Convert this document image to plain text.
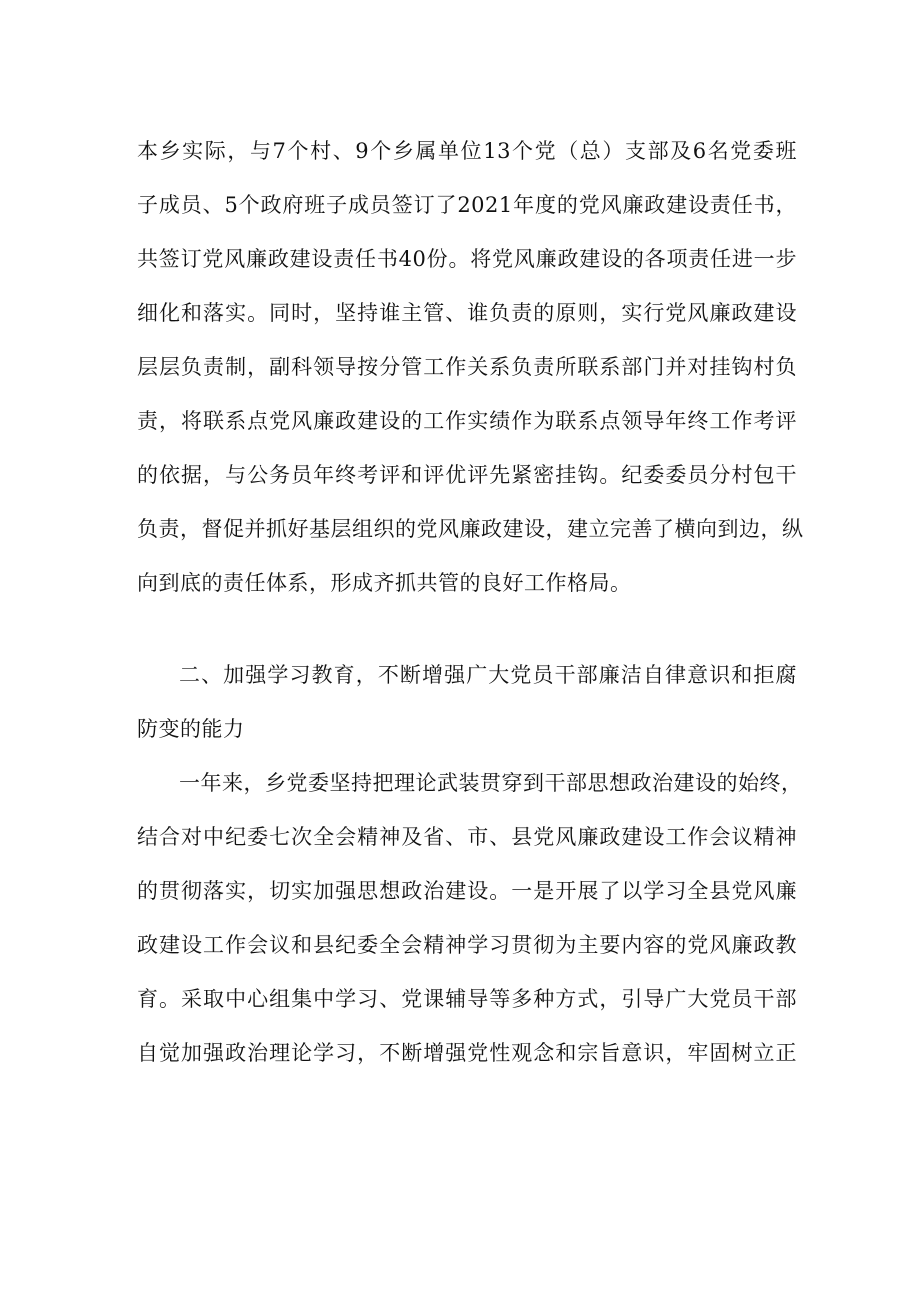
本乡实际，与7个村、9个乡属单位13个党（总）支部及6名党委班
子成员、5个政府班子成员签订了2021年度的党风廉政建设责任书，
共签订党风廉政建设责任书40份。将党风廉政建设的各项责任进一步
细化和落实。同时，坚持谁主管、谁负责的原则，实行党风廉政建设
层层负责制，副科领导按分管工作关系负责所联系部门并对挂钩村负
责，将联系点党风廉政建设的工作实绩作为联系点领导年终工作考评
的依据，与公务员年终考评和评优评先紧密挂钩。纪委委员分村包干
负责，督促并抓好基层组织的党风廉政建设，建立完善了横向到边，纵
向到底的责任体系，形成齐抓共管的良好工作格局。
二、加强学习教育，不断增强广大党员干部廉洁自律意识和拒腐
防变的能力
一年来，乡党委坚持把理论武装贯穿到干部思想政治建设的始终，
结合对中纪委七次全会精神及省、市、县党风廉政建设工作会议精神
的贯彻落实，切实加强思想政治建设。一是开展了以学习全县党风廉
政建设工作会议和县纪委全会精神学习贯彻为主要内容的党风廉政教
育。采取中心组集中学习、党课辅导等多种方式，引导广大党员干部
自觉加强政治理论学习，不断增强党性观念和宗旨意识，牢固树立正
